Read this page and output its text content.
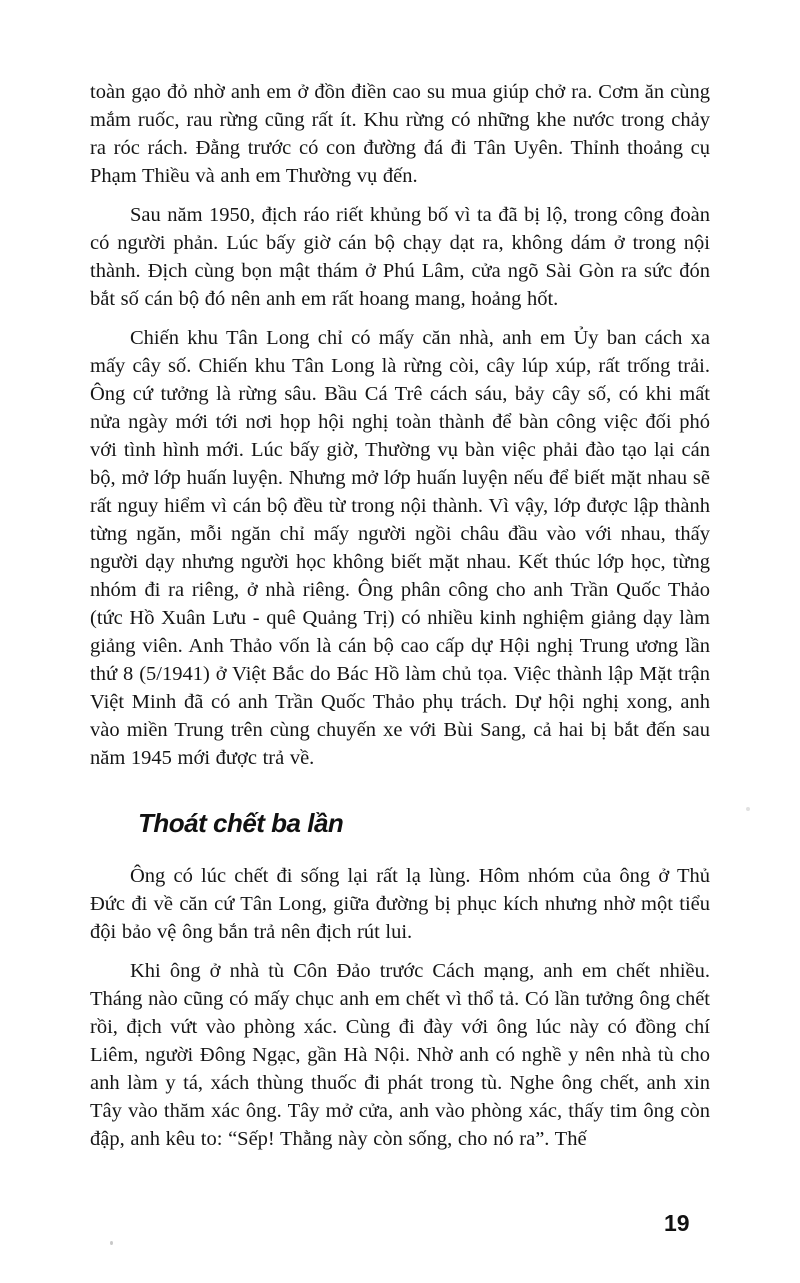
toàn gạo đỏ nhờ anh em ở đồn điền cao su mua giúp chở ra. Cơm ăn cùng mắm ruốc, rau rừng cũng rất ít. Khu rừng có những khe nước trong chảy ra róc rách. Đằng trước có con đường đá đi Tân Uyên. Thỉnh thoảng cụ Phạm Thiều và anh em Thường vụ đến.

Sau năm 1950, địch ráo riết khủng bố vì ta đã bị lộ, trong công đoàn có người phản. Lúc bấy giờ cán bộ chạy dạt ra, không dám ở trong nội thành. Địch cùng bọn mật thám ở Phú Lâm, cửa ngõ Sài Gòn ra sức đón bắt số cán bộ đó nên anh em rất hoang mang, hoảng hốt.

Chiến khu Tân Long chỉ có mấy căn nhà, anh em Ủy ban cách xa mấy cây số. Chiến khu Tân Long là rừng còi, cây lúp xúp, rất trống trải. Ông cứ tưởng là rừng sâu. Bầu Cá Trê cách sáu, bảy cây số, có khi mất nửa ngày mới tới nơi họp hội nghị toàn thành để bàn công việc đối phó với tình hình mới. Lúc bấy giờ, Thường vụ bàn việc phải đào tạo lại cán bộ, mở lớp huấn luyện. Nhưng mở lớp huấn luyện nếu để biết mặt nhau sẽ rất nguy hiểm vì cán bộ đều từ trong nội thành. Vì vậy, lớp được lập thành từng ngăn, mỗi ngăn chỉ mấy người ngồi châu đầu vào với nhau, thấy người dạy nhưng người học không biết mặt nhau. Kết thúc lớp học, từng nhóm đi ra riêng, ở nhà riêng. Ông phân công cho anh Trần Quốc Thảo (tức Hồ Xuân Lưu - quê Quảng Trị) có nhiều kinh nghiệm giảng dạy làm giảng viên. Anh Thảo vốn là cán bộ cao cấp dự Hội nghị Trung ương lần thứ 8 (5/1941) ở Việt Bắc do Bác Hồ làm chủ tọa. Việc thành lập Mặt trận Việt Minh đã có anh Trần Quốc Thảo phụ trách. Dự hội nghị xong, anh vào miền Trung trên cùng chuyến xe với Bùi Sang, cả hai bị bắt đến sau năm 1945 mới được trả về.

Thoát chết ba lần

Ông có lúc chết đi sống lại rất lạ lùng. Hôm nhóm của ông ở Thủ Đức đi về căn cứ Tân Long, giữa đường bị phục kích nhưng nhờ một tiểu đội bảo vệ ông bắn trả nên địch rút lui.

Khi ông ở nhà tù Côn Đảo trước Cách mạng, anh em chết nhiều. Tháng nào cũng có mấy chục anh em chết vì thổ tả. Có lần tưởng ông chết rồi, địch vứt vào phòng xác. Cùng đi đày với ông lúc này có đồng chí Liêm, người Đông Ngạc, gần Hà Nội. Nhờ anh có nghề y nên nhà tù cho anh làm y tá, xách thùng thuốc đi phát trong tù. Nghe ông chết, anh xin Tây vào thăm xác ông. Tây mở cửa, anh vào phòng xác, thấy tim ông còn đập, anh kêu to: “Sếp! Thằng này còn sống, cho nó ra”. Thế

19
